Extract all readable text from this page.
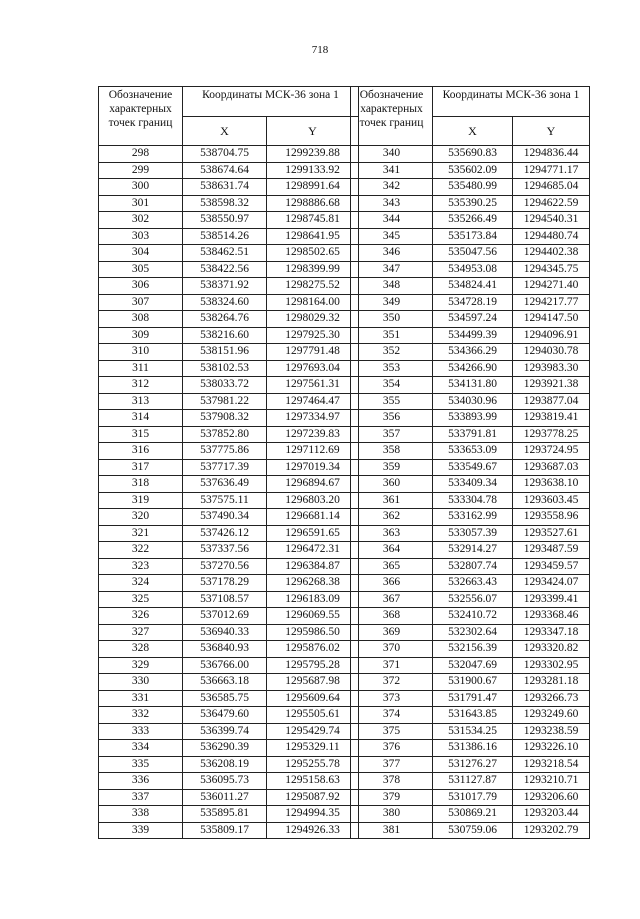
718
Обозначение характерных точек границ	Координаты МСК-36 зона 1	
	X	Y
298	538704.75	1299239.88
299	538674.64	1299133.92
300	538631.74	1298991.64
301	538598.32	1298886.68
302	538550.97	1298745.81
303	538514.26	1298641.95
304	538462.51	1298502.65
305	538422.56	1298399.99
306	538371.92	1298275.52
307	538324.60	1298164.00
308	538264.76	1298029.32
309	538216.60	1297925.30
310	538151.96	1297791.48
311	538102.53	1297693.04
312	538033.72	1297561.31
313	537981.22	1297464.47
314	537908.32	1297334.97
315	537852.80	1297239.83
316	537775.86	1297112.69
317	537717.39	1297019.34
318	537636.49	1296894.67
319	537575.11	1296803.20
320	537490.34	1296681.14
321	537426.12	1296591.65
322	537337.56	1296472.31
323	537270.56	1296384.87
324	537178.29	1296268.38
325	537108.57	1296183.09
326	537012.69	1296069.55
327	536940.33	1295986.50
328	536840.93	1295876.02
329	536766.00	1295795.28
330	536663.18	1295687.98
331	536585.75	1295609.64
332	536479.60	1295505.61
333	536399.74	1295429.74
334	536290.39	1295329.11
335	536208.19	1295255.78
336	536095.73	1295158.63
337	536011.27	1295087.92
338	535895.81	1294994.35
339	535809.17	1294926.33
Обозначение характерных точек границ	Координаты МСК-36 зона 1	
	X	Y
340	535690.83	1294836.44
341	535602.09	1294771.17
342	535480.99	1294685.04
343	535390.25	1294622.59
344	535266.49	1294540.31
345	535173.84	1294480.74
346	535047.56	1294402.38
347	534953.08	1294345.75
348	534824.41	1294271.40
349	534728.19	1294217.77
350	534597.24	1294147.50
351	534499.39	1294096.91
352	534366.29	1294030.78
353	534266.90	1293983.30
354	534131.80	1293921.38
355	534030.96	1293877.04
356	533893.99	1293819.41
357	533791.81	1293778.25
358	533653.09	1293724.95
359	533549.67	1293687.03
360	533409.34	1293638.10
361	533304.78	1293603.45
362	533162.99	1293558.96
363	533057.39	1293527.61
364	532914.27	1293487.59
365	532807.74	1293459.57
366	532663.43	1293424.07
367	532556.07	1293399.41
368	532410.72	1293368.46
369	532302.64	1293347.18
370	532156.39	1293320.82
371	532047.69	1293302.95
372	531900.67	1293281.18
373	531791.47	1293266.73
374	531643.85	1293249.60
375	531534.25	1293238.59
376	531386.16	1293226.10
377	531276.27	1293218.54
378	531127.87	1293210.71
379	531017.79	1293206.60
380	530869.21	1293203.44
381	530759.06	1293202.79
